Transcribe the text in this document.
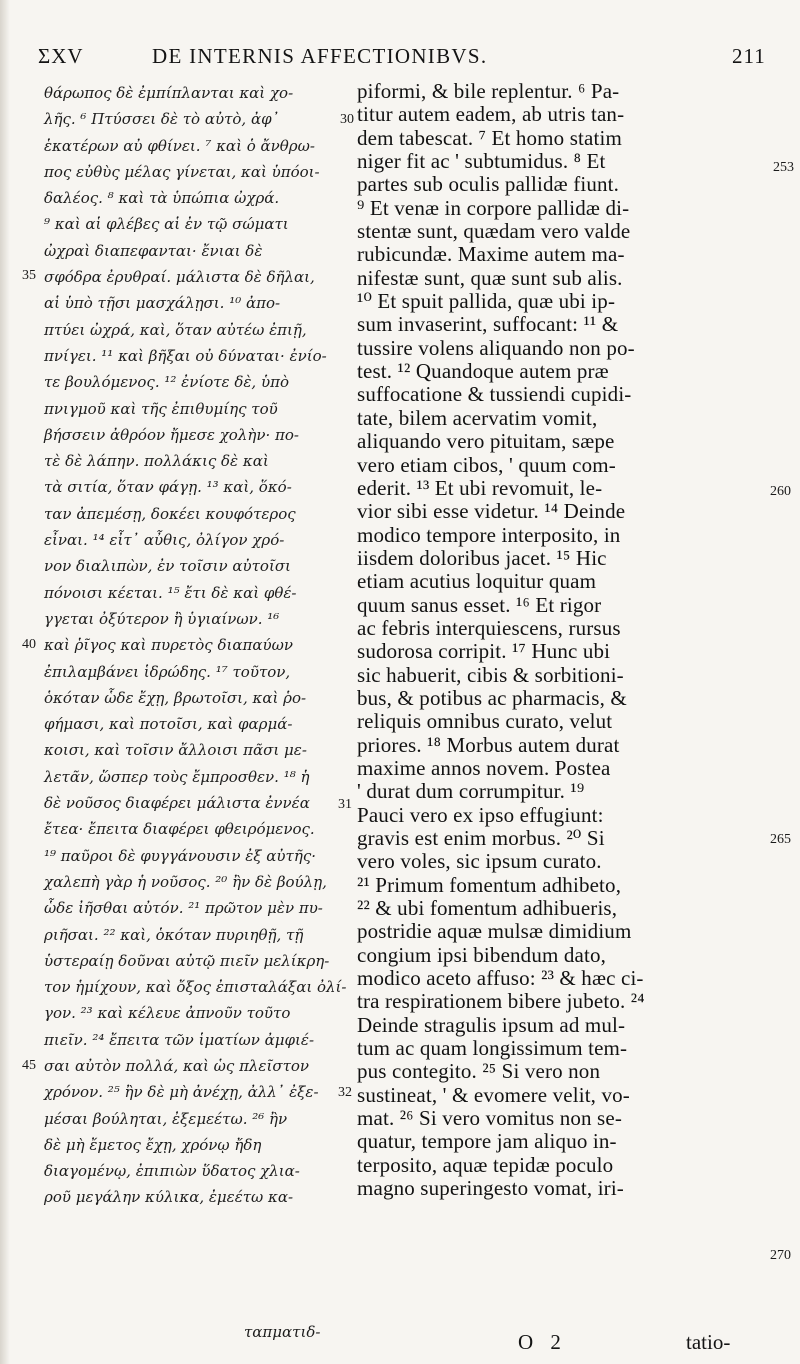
ΣΧV	DE INTERNIS AFFECTIONIBVS.	211
θάρωπος δὲ ἐμπίπλανται καὶ χο-
λῆς. ⁶ Πτύσσει δὲ τὸ αὐτὸ, ἀφ᾽
ἑκατέρων αὐ φθίνει. ⁷ καὶ ὁ ἄνθρω-
πος εὐθὺς μέλας γίνεται, καὶ ὑπόοι-
δαλέος. ⁸ καὶ τὰ ὑπώπια ὠχρά.
⁹ καὶ αἱ φλέβες αἱ ἐν τῷ σώματι
ὠχραὶ διαπεφανται· ἔνιαι δὲ
σφόδρα ἐρυθραί. μάλιστα δὲ δῆλαι,
αἱ ὑπὸ τῇσι μασχάλῃσι. ¹⁰ ἀπο-
πτύει ὠχρά, καὶ, ὅταν αὐτέω ἐπιῇ,
πνίγει. ¹¹ καὶ βῆξαι οὐ δύναται· ἐνίο-
τε βουλόμενος. ¹² ἐνίοτε δὲ, ὑπὸ
πνιγμοῦ καὶ τῆς ἐπιθυμίης τοῦ
βήσσειν ἀθρόον ἤμεσε χολὴν· πο-
τὲ δὲ λάπην. πολλάκις δὲ καὶ
τὰ σιτία, ὅταν φάγῃ. ¹³ καὶ, ὅκό-
ταν ἀπεμέσῃ, δοκέει κουφότερος
εἶναι. ¹⁴ εἶτ᾽ αὖθις, ὀλίγον χρό-
νον διαλιπὼν, ἐν τοῖσιν αὐτοῖσι
πόνοισι κέεται. ¹⁵ ἔτι δὲ καὶ φθέ-
γγεται ὀξύτερον ἢ ὑγιαίνων. ¹⁶
καὶ ῥῖγος καὶ πυρετὸς διαπαύων
ἐπιλαμβάνει ἱδρώδης. ¹⁷ τοῦτον,
ὁκόταν ὧδε ἔχῃ, βρωτοῖσι, καὶ ῥο-
φήμασι, καὶ ποτοῖσι, καὶ φαρμά-
κοισι, καὶ τοῖσιν ἄλλοισι πᾶσι με-
λετᾶν, ὥσπερ τοὺς ἔμπροσθεν. ¹⁸ ἡ
δὲ νοῦσος διαφέρει μάλιστα ἐννέα
ἔτεα· ἔπειτα διαφέρει φθειρόμενος.
¹⁹ παῦροι δὲ φυγγάνουσιν ἐξ αὐτῆς·
χαλεπὴ γὰρ ἡ νοῦσος. ²⁰ ἢν δὲ βούλῃ,
ὧδε ἰῆσθαι αὐτόν. ²¹ πρῶτον μὲν πυ-
ριῆσαι. ²² καὶ, ὁκόταν πυριηθῇ, τῇ
ὑστεραίῃ δοῦναι αὐτῷ πιεῖν μελίκρη-
τον ἡμίχουν, καὶ ὄξος ἐπισταλάξαι ὀλί-
γον. ²³ καὶ κέλευε ἀπνοῦν τοῦτο
πιεῖν. ²⁴ ἔπειτα τῶν ἱματίων ἀμφιέ-
σαι αὐτὸν πολλά, καὶ ὡς πλεῖστον
χρόνον. ²⁵ ἢν δὲ μὴ ἀνέχῃ, ἀλλ᾽ ἐξε-
μέσαι βούληται, ἐξεμεέτω. ²⁶ ἢν
δὲ μὴ ἔμετος ἔχῃ, χρόνῳ ἤδη
διαγομένῳ, ἐπιπιὼν ὕδατος χλια-
ροῦ μεγάλην κύλικα, ἐμεέτω κα-
piformi, & bile replentur. ⁶ Pa-
titur autem eadem, ab utris tan-
dem tabescat. ⁷ Et homo statim
niger fit ac ' subtumidus. ⁸ Et
partes sub oculis pallidæ fiunt.
⁹ Et venæ in corpore pallidæ di-
stentæ sunt, quædam vero valde
rubicundæ. Maxime autem ma-
nifestæ sunt, quæ sunt sub alis.
¹⁰ Et spuit pallida, quæ ubi ip-
sum invaserint, suffocant: ¹¹ &
tussire volens aliquando non po-
test. ¹² Quandoque autem præ
suffocatione & tussiendi cupidi-
tate, bilem acervatim vomit,
aliquando vero pituitam, sæpe
vero etiam cibos, ' quum com-
ederit. ¹³ Et ubi revomuit, le-
vior sibi esse videtur. ¹⁴ Deinde
modico tempore interposito, in
iisdem doloribus jacet. ¹⁵ Hic
etiam acutius loquitur quam
quum sanus esset. ¹⁶ Et rigor
ac febris interquiescens, rursus
sudorosa corripit. ¹⁷ Hunc ubi
sic habuerit, cibis & sorbitioni-
bus, & potibus ac pharmacis, &
reliquis omnibus curato, velut
priores. ¹⁸ Morbus autem durat
maxime annos novem. Postea
' durat dum corrumpitur. ¹⁹
Pauci vero ex ipso effugiunt:
gravis est enim morbus. ²⁰ Si
vero voles, sic ipsum curato.
²¹ Primum fomentum adhibeto,
²² & ubi fomentum adhibueris,
postridie aquæ mulsæ dimidium
congium ipsi bibendum dato,
modico aceto affuso: ²³ & hæc ci-
tra respirationem bibere jubeto. ²⁴
Deinde stragulis ipsum ad mul-
tum ac quam longissimum tem-
pus contegito. ²⁵ Si vero non
sustineat, ' & evomere velit, vo-
mat. ²⁶ Si vero vomitus non se-
quatur, tempore jam aliquo in-
terposito, aquæ tepidæ poculo
magno superingesto vomat, iri-
ταπματιδ-	O 2	tatio-
30
35
40
45
31
32
253
260
265
270
